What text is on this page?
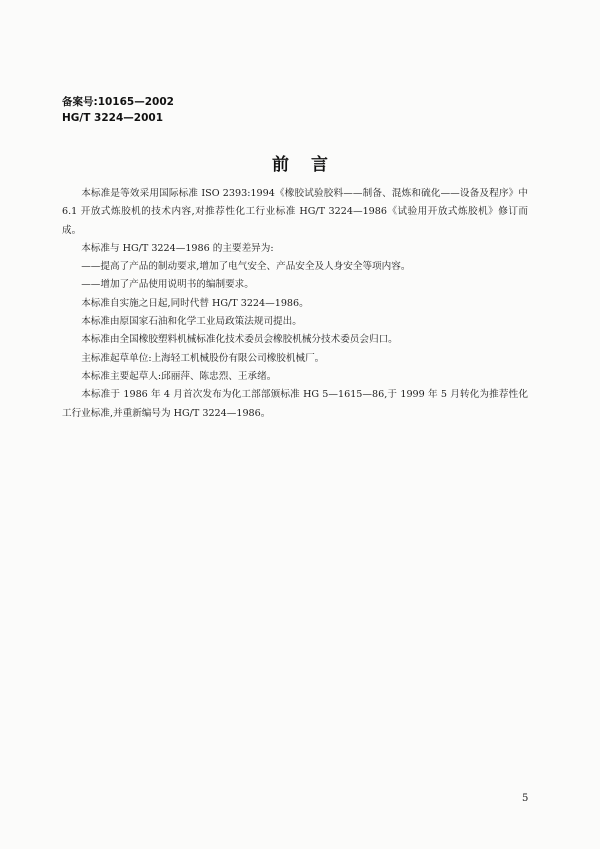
备案号:10165—2002
HG/T 3224—2001
前言

本标准是等效采用国际标准 ISO 2393:1994《橡胶试验胶料——制备、混炼和硫化——设备及程序》中 6.1 开放式炼胶机的技术内容,对推荐性化工行业标准 HG/T 3224—1986《试验用开放式炼胶机》修订而成。

本标准与 HG/T 3224—1986 的主要差异为:

——提高了产品的制动要求,增加了电气安全、产品安全及人身安全等项内容。

——增加了产品使用说明书的编制要求。

本标准自实施之日起,同时代替 HG/T 3224—1986。

本标准由原国家石油和化学工业局政策法规司提出。

本标准由全国橡胶塑料机械标准化技术委员会橡胶机械分技术委员会归口。

主标准起草单位:上海轻工机械股份有限公司橡胶机械厂。

本标准主要起草人:邱丽萍、陈忠烈、王承绪。

本标准于 1986 年 4 月首次发布为化工部部颁标准 HG 5—1615—86,于 1999 年 5 月转化为推荐性化工行业标准,并重新编号为 HG/T 3224—1986。

5
